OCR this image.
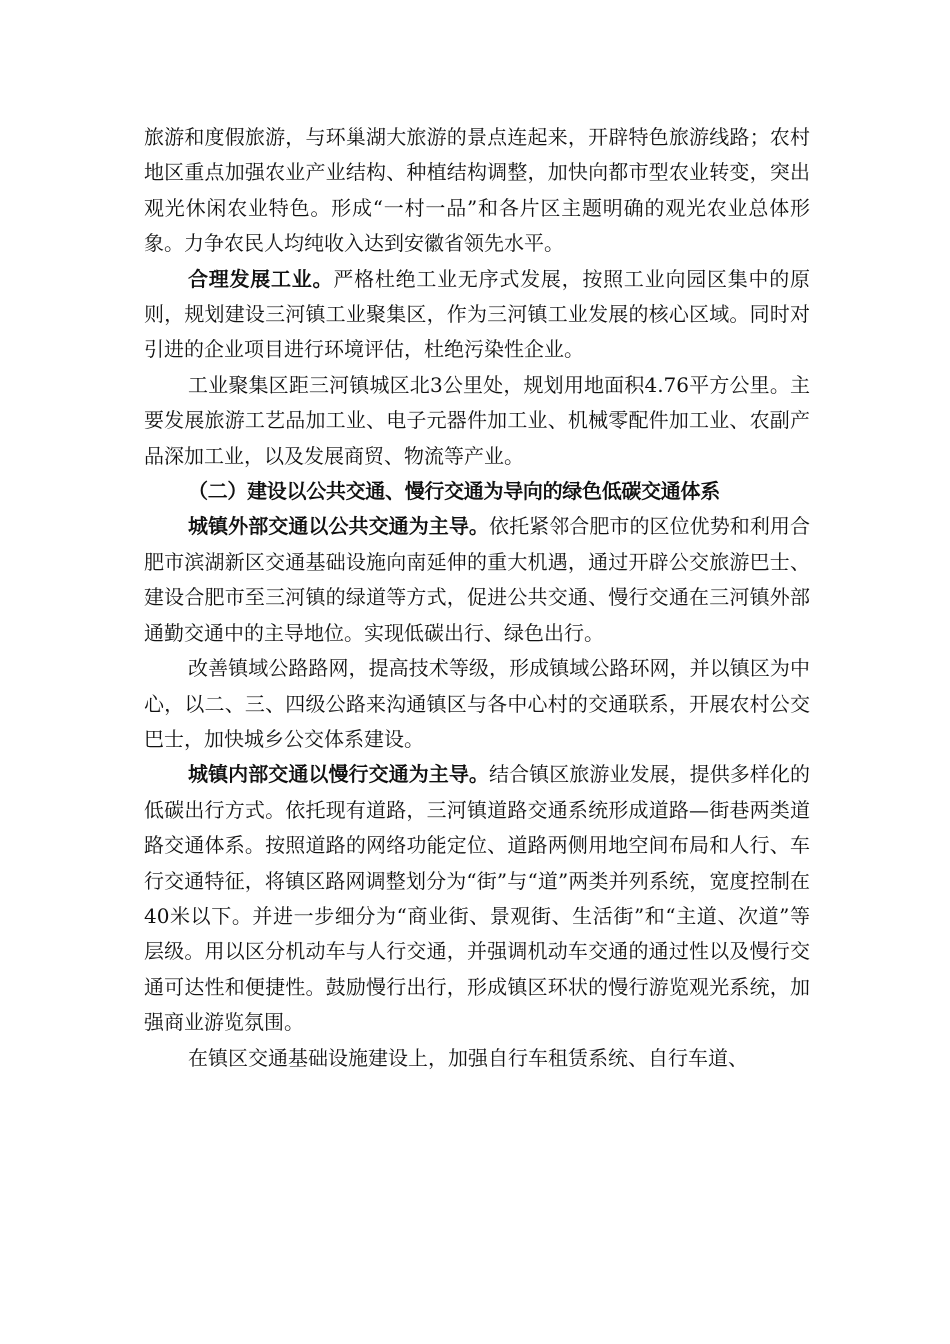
旅游和度假旅游，与环巢湖大旅游的景点连起来，开辟特色旅游线路；农村地区重点加强农业产业结构、种植结构调整，加快向都市型农业转变，突出观光休闲农业特色。形成“一村一品”和各片区主题明确的观光农业总体形象。力争农民人均纯收入达到安徽省领先水平。

合理发展工业。严格杜绝工业无序式发展，按照工业向园区集中的原则，规划建设三河镇工业聚集区，作为三河镇工业发展的核心区域。同时对引进的企业项目进行环境评估，杜绝污染性企业。

工业聚集区距三河镇城区北3公里处，规划用地面积4.76平方公里。主要发展旅游工艺品加工业、电子元器件加工业、机械零配件加工业、农副产品深加工业，以及发展商贸、物流等产业。

（二）建设以公共交通、慢行交通为导向的绿色低碳交通体系

城镇外部交通以公共交通为主导。依托紧邻合肥市的区位优势和利用合肥市滨湖新区交通基础设施向南延伸的重大机遇，通过开辟公交旅游巴士、建设合肥市至三河镇的绿道等方式，促进公共交通、慢行交通在三河镇外部通勤交通中的主导地位。实现低碳出行、绿色出行。

改善镇域公路路网，提高技术等级，形成镇域公路环网，并以镇区为中心，以二、三、四级公路来沟通镇区与各中心村的交通联系，开展农村公交巴士，加快城乡公交体系建设。

城镇内部交通以慢行交通为主导。结合镇区旅游业发展，提供多样化的低碳出行方式。依托现有道路，三河镇道路交通系统形成道路—街巷两类道路交通体系。按照道路的网络功能定位、道路两侧用地空间布局和人行、车行交通特征，将镇区路网调整划分为“街”与“道”两类并列系统，宽度控制在40米以下。并进一步细分为“商业街、景观街、生活街”和“主道、次道”等层级。用以区分机动车与人行交通，并强调机动车交通的通过性以及慢行交通可达性和便捷性。鼓励慢行出行，形成镇区环状的慢行游览观光系统，加强商业游览氛围。

在镇区交通基础设施建设上，加强自行车租赁系统、自行车道、
